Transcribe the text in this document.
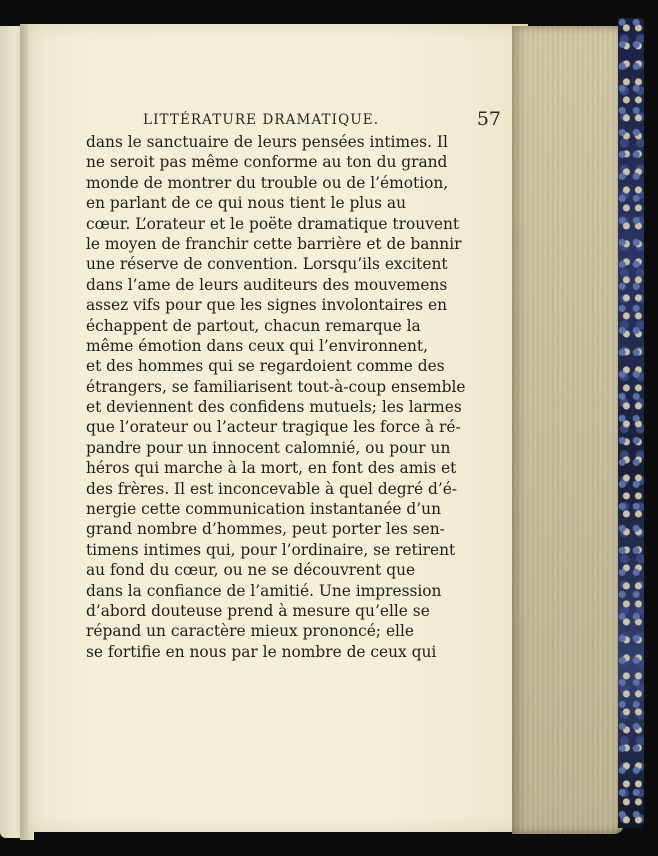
LITTÉRATURE DRAMATIQUE.	57
dans le sanctuaire de leurs pensées intimes. Il
ne seroit pas même conforme au ton du grand
monde de montrer du trouble ou de l’émotion,
en parlant de ce qui nous tient le plus au
cœur. L’orateur et le poëte dramatique trouvent
le moyen de franchir cette barrière et de bannir
une réserve de convention. Lorsqu’ils excitent
dans l’ame de leurs auditeurs des mouvemens
assez vifs pour que les signes involontaires en
échappent de partout, chacun remarque la
même émotion dans ceux qui l’environnent,
et des hommes qui se regardoient comme des
étrangers, se familiarisent tout-à-coup ensemble
et deviennent des confidens mutuels; les larmes
que l’orateur ou l’acteur tragique les force à ré-
pandre pour un innocent calomnié, ou pour un
héros qui marche à la mort, en font des amis et
des frères. Il est inconcevable à quel degré d’é-
nergie cette communication instantanée d’un
grand nombre d’hommes, peut porter les sen-
timens intimes qui, pour l’ordinaire, se retirent
au fond du cœur, ou ne se découvrent que
dans la confiance de l’amitié. Une impression
d’abord douteuse prend à mesure qu’elle se
répand un caractère mieux prononcé; elle
se fortifie en nous par le nombre de ceux qui
